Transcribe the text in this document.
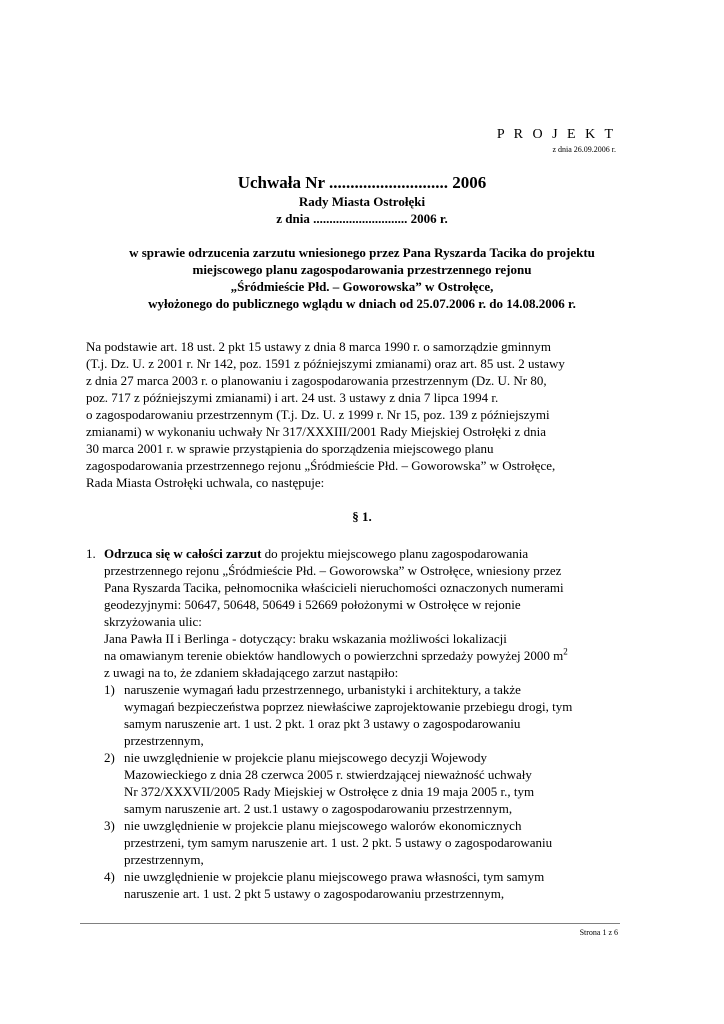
P R O J E K T
z dnia 26.09.2006 r.
Uchwała Nr ............................ 2006
Rady Miasta Ostrołęki
z dnia ............................. 2006 r.
w sprawie odrzucenia zarzutu wniesionego przez Pana Ryszarda Tacika do projektu
miejscowego planu zagospodarowania przestrzennego rejonu
„Śródmieście Płd. – Goworowska” w Ostrołęce,
wyłożonego do publicznego wglądu w dniach od 25.07.2006 r. do 14.08.2006 r.
Na podstawie art. 18 ust. 2 pkt 15 ustawy z dnia 8 marca 1990 r. o samorządzie gminnym
(T.j. Dz. U. z 2001 r. Nr 142, poz. 1591 z późniejszymi zmianami) oraz art. 85 ust. 2 ustawy
z dnia 27 marca 2003 r. o planowaniu i zagospodarowania przestrzennym (Dz. U. Nr 80,
poz. 717 z późniejszymi zmianami) i art. 24 ust. 3 ustawy z dnia 7 lipca 1994 r.
o zagospodarowaniu przestrzennym (T.j. Dz. U. z 1999 r. Nr 15, poz. 139 z późniejszymi
zmianami) w wykonaniu uchwały Nr 317/XXXIII/2001 Rady Miejskiej Ostrołęki z dnia
30 marca 2001 r. w sprawie przystąpienia do sporządzenia miejscowego planu
zagospodarowania przestrzennego rejonu „Śródmieście Płd. – Goworowska” w Ostrołęce,
Rada Miasta Ostrołęki uchwala, co następuje:
§ 1.
1. Odrzuca się w całości zarzut do projektu miejscowego planu zagospodarowania
przestrzennego rejonu „Śródmieście Płd. – Goworowska” w Ostrołęce, wniesiony przez
Pana Ryszarda Tacika, pełnomocnika właścicieli nieruchomości oznaczonych numerami
geodezyjnymi: 50647, 50648, 50649 i 52669 położonymi w Ostrołęce w rejonie
skrzyżowania ulic:
Jana Pawła II i Berlinga - dotyczący: braku wskazania możliwości lokalizacji
na omawianym terenie obiektów handlowych o powierzchni sprzedaży powyżej 2000 $m^2$
z uwagi na to, że zdaniem składającego zarzut nastąpiło:
1) naruszenie wymagań ładu przestrzennego, urbanistyki i architektury, a także
wymagań bezpieczeństwa poprzez niewłaściwe zaprojektowanie przebiegu drogi, tym
samym naruszenie art. 1 ust. 2 pkt. 1 oraz pkt 3 ustawy o zagospodarowaniu
przestrzennym,
2) nie uwzględnienie w projekcie planu miejscowego decyzji Wojewody
Mazowieckiego z dnia 28 czerwca 2005 r. stwierdzającej nieważność uchwały
Nr 372/XXXVII/2005 Rady Miejskiej w Ostrołęce z dnia 19 maja 2005 r., tym
samym naruszenie art. 2 ust.1 ustawy o zagospodarowaniu przestrzennym,
3) nie uwzględnienie w projekcie planu miejscowego walorów ekonomicznych
przestrzeni, tym samym naruszenie art. 1 ust. 2 pkt. 5 ustawy o zagospodarowaniu
przestrzennym,
4) nie uwzględnienie w projekcie planu miejscowego prawa własności, tym samym
naruszenie art. 1 ust. 2 pkt 5 ustawy o zagospodarowaniu przestrzennym,
Strona 1 z 6
